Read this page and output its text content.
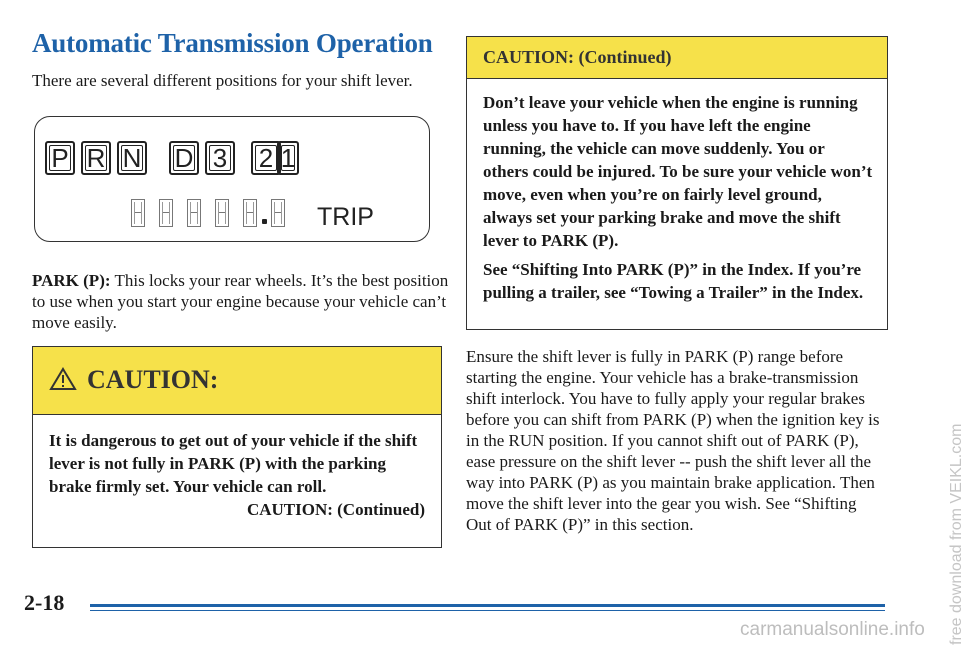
Automatic Transmission Operation
There are several different positions for your shift lever.
P R N D 3 2 1
TRIP

PARK (P): This locks your rear wheels. It’s the best position to use when you start your engine because your vehicle can’t move easily.

CAUTION:
It is dangerous to get out of your vehicle if the shift lever is not fully in PARK (P) with the parking brake firmly set. Your vehicle can roll.
CAUTION: (Continued)
CAUTION: (Continued)
Don’t leave your vehicle when the engine is running unless you have to. If you have left the engine running, the vehicle can move suddenly. You or others could be injured. To be sure your vehicle won’t move, even when you’re on fairly level ground, always set your parking brake and move the shift lever to PARK (P).
See “Shifting Into PARK (P)” in the Index. If you’re pulling a trailer, see “Towing a Trailer” in the Index.

Ensure the shift lever is fully in PARK (P) range before starting the engine. Your vehicle has a brake-transmission shift interlock. You have to fully apply your regular brakes before you can shift from PARK (P) when the ignition key is in the RUN position. If you cannot shift out of PARK (P), ease pressure on the shift lever -- push the shift lever all the way into PARK (P) as you maintain brake application. Then move the shift lever into the gear you wish. See “Shifting Out of PARK (P)” in this section.

2-18	free download from VEIKL.com
carmanualsonline.info
